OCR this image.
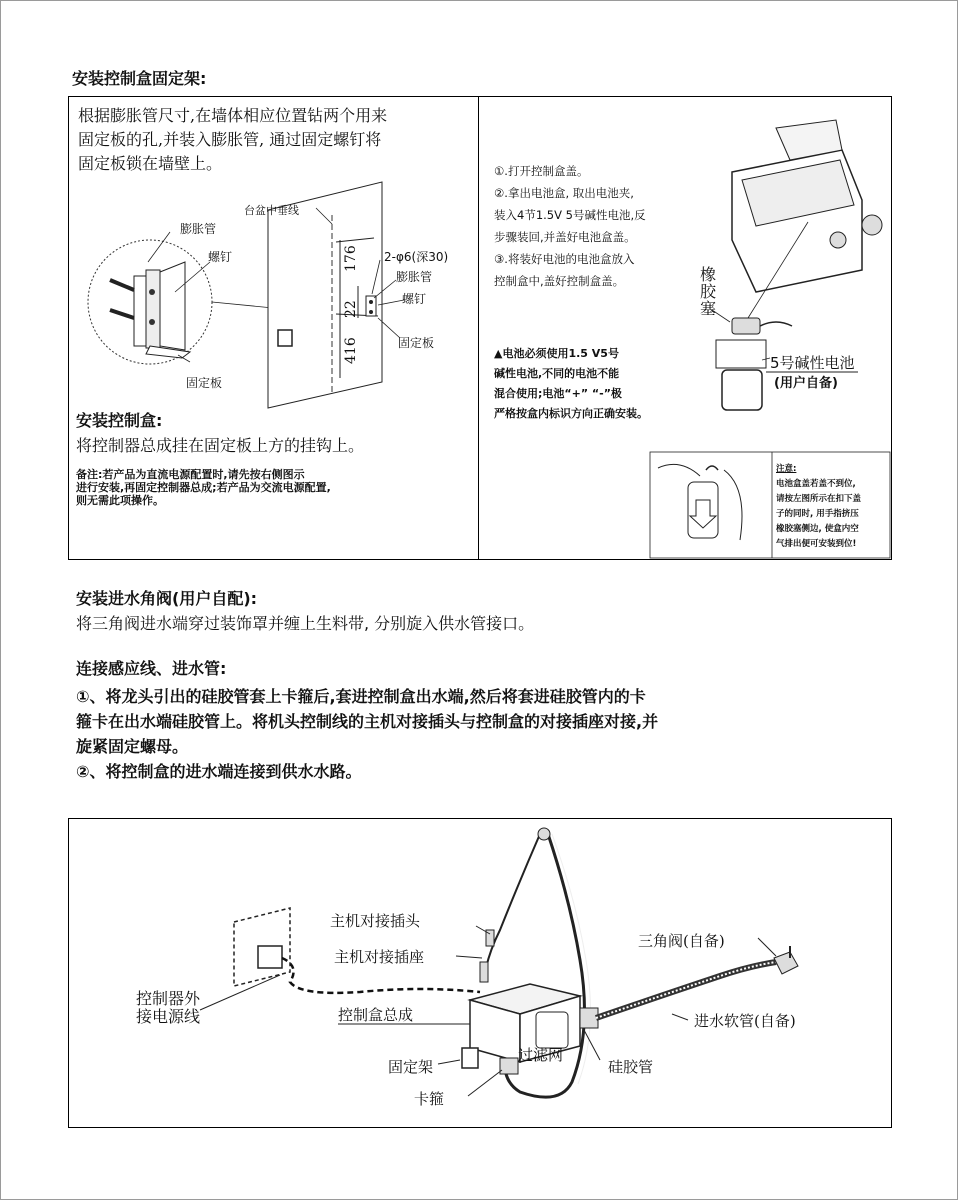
安装控制盒固定架:
根据膨胀管尺寸,在墙体相应位置钻两个用来
固定板的孔,并装入膨胀管, 通过固定螺钉将
固定板锁在墙壁上。
台盆中垂线
膨胀管
螺钉
固定板
176
22
416
2-φ6(深30)
膨胀管
螺钉
固定板
安装控制盒:
将控制器总成挂在固定板上方的挂钩上。
备注:若产品为直流电源配置时,请先按右侧图示
进行安装,再固定控制器总成;若产品为交流电源配置,
则无需此项操作。
①.打开控制盒盖。
②.拿出电池盒, 取出电池夹,
装入4节1.5V 5号碱性电池,反
步骤装回,并盖好电池盒盖。
③.将装好电池的电池盒放入
控制盒中,盖好控制盒盖。	橡
胶
塞
5号碱性电池
(用户自备)
▲电池必须使用1.5 V5号
碱性电池,不同的电池不能
混合使用;电池“+” “-”极
严格按盒内标识方向正确安装。
注意:
电池盒盖若盖不到位,
请按左图所示在扣下盖
子的同时, 用手指挤压
橡胶塞侧边, 使盒内空
气排出便可安装到位!
安装进水角阀(用户自配):
将三角阀进水端穿过装饰罩并缠上生料带, 分别旋入供水管接口。
连接感应线、进水管:
①、将龙头引出的硅胶管套上卡箍后,套进控制盒出水端,然后将套进硅胶管内的卡
箍卡在出水端硅胶管上。将机头控制线的主机对接插头与控制盒的对接插座对接,并
旋紧固定螺母。
②、将控制盒的进水端连接到供水水路。
主机对接插头
主机对接插座
控制器外
接电源线	控制盒总成
固定架
过滤网
卡箍
硅胶管
三角阀(自备)
进水软管(自备)
